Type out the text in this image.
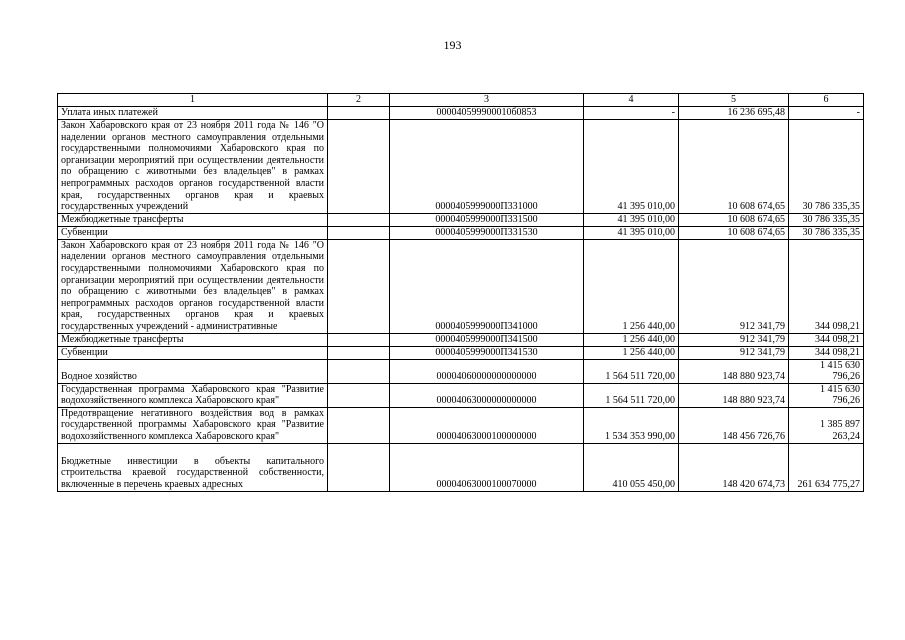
193
1	2	3	4	5	6
Уплата иных платежей		000040599900010б0853	-	16 236 695,48	-
Закон Хабаровского края от 23 ноября 2011 года № 146 "О наделении органов местного самоуправления отдельными государственными полномочиями Хабаровского края по организации мероприятий при осуществлении деятельности по обращению с животными без владельцев" в рамках непрограммных расходов органов государственной власти края, государственных органов края и краевых государственных учреждений		0000405999000П331000	41 395 010,00	10 608 674,65	30 786 335,35
Межбюджетные трансферты		0000405999000П331500	41 395 010,00	10 608 674,65	30 786 335,35
Субвенции		0000405999000П331530	41 395 010,00	10 608 674,65	30 786 335,35
Закон Хабаровского края от 23 ноября 2011 года № 146 "О наделении органов местного самоуправления отдельными государственными полномочиями Хабаровского края по организации мероприятий при осуществлении деятельности по обращению с животными без владельцев" в рамках непрограммных расходов органов государственной власти края, государственных органов края и краевых государственных учреждений - административные		0000405999000П341000	1 256 440,00	912 341,79	344 098,21
Межбюджетные трансферты		0000405999000П341500	1 256 440,00	912 341,79	344 098,21
Субвенции		0000405999000П341530	1 256 440,00	912 341,79	344 098,21
Водное хозяйство		00004060000000000000	1 564 511 720,00	148 880 923,74	1 415 630 796,26
Государственная программа Хабаровского края "Развитие водохозяйственного комплекса Хабаровского края"		00004063000000000000	1 564 511 720,00	148 880 923,74	1 415 630 796,26
Предотвращение негативного воздействия вод в рамках государственной программы Хабаровского края "Развитие водохозяйственного комплекса Хабаровского края"		00004063000100000000	1 534 353 990,00	148 456 726,76	1 385 897 263,24
Бюджетные инвестиции в объекты капитального строительства краевой государственной собственности, включенные в перечень краевых адресных		00004063000100070000	410 055 450,00	148 420 674,73	261 634 775,27
